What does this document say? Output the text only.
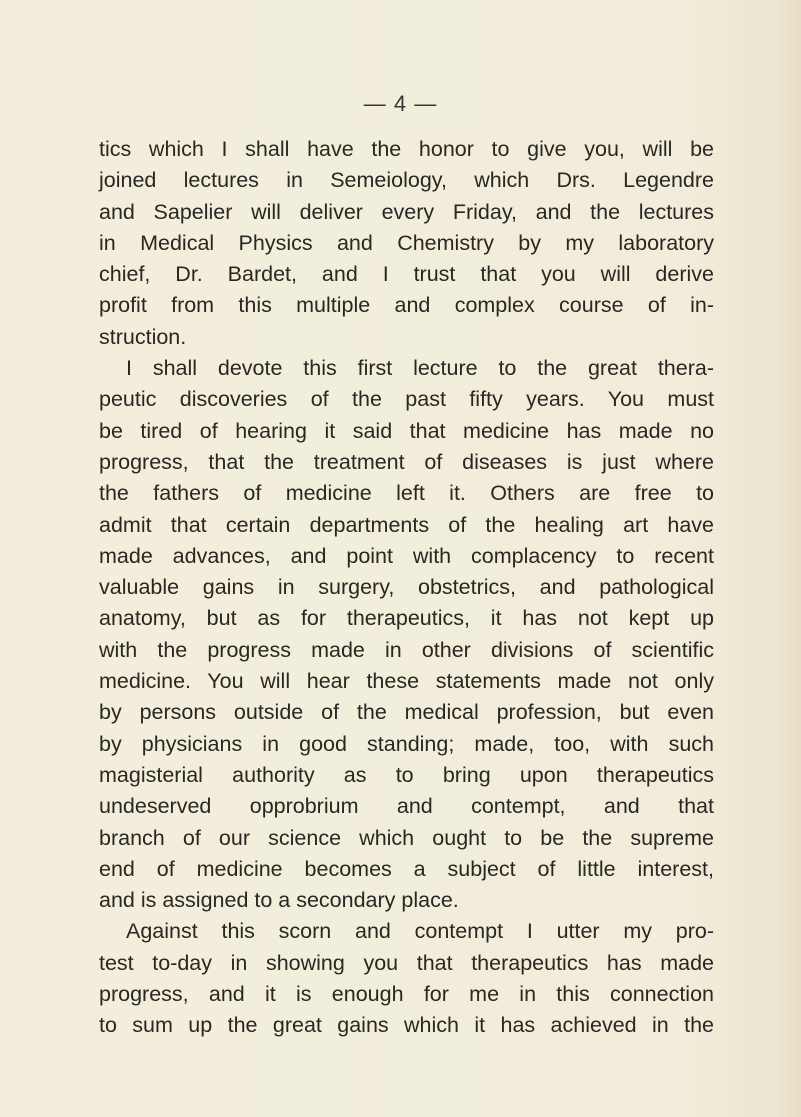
— 4 —
tics which I shall have the honor to give you, will be
joined lectures in Semeiology, which Drs. Legendre
and Sapelier will deliver every Friday, and the lectures
in Medical Physics and Chemistry by my laboratory
chief, Dr. Bardet, and I trust that you will derive
profit from this multiple and complex course of in-
struction.
I shall devote this first lecture to the great thera-
peutic discoveries of the past fifty years. You must
be tired of hearing it said that medicine has made no
progress, that the treatment of diseases is just where
the fathers of medicine left it. Others are free to
admit that certain departments of the healing art have
made advances, and point with complacency to recent
valuable gains in surgery, obstetrics, and pathological
anatomy, but as for therapeutics, it has not kept up
with the progress made in other divisions of scientific
medicine. You will hear these statements made not only
by persons outside of the medical profession, but even
by physicians in good standing; made, too, with such
magisterial authority as to bring upon therapeutics
undeserved opprobrium and contempt, and that
branch of our science which ought to be the supreme
end of medicine becomes a subject of little interest,
and is assigned to a secondary place.
Against this scorn and contempt I utter my pro-
test to-day in showing you that therapeutics has made
progress, and it is enough for me in this connection
to sum up the great gains which it has achieved in the
